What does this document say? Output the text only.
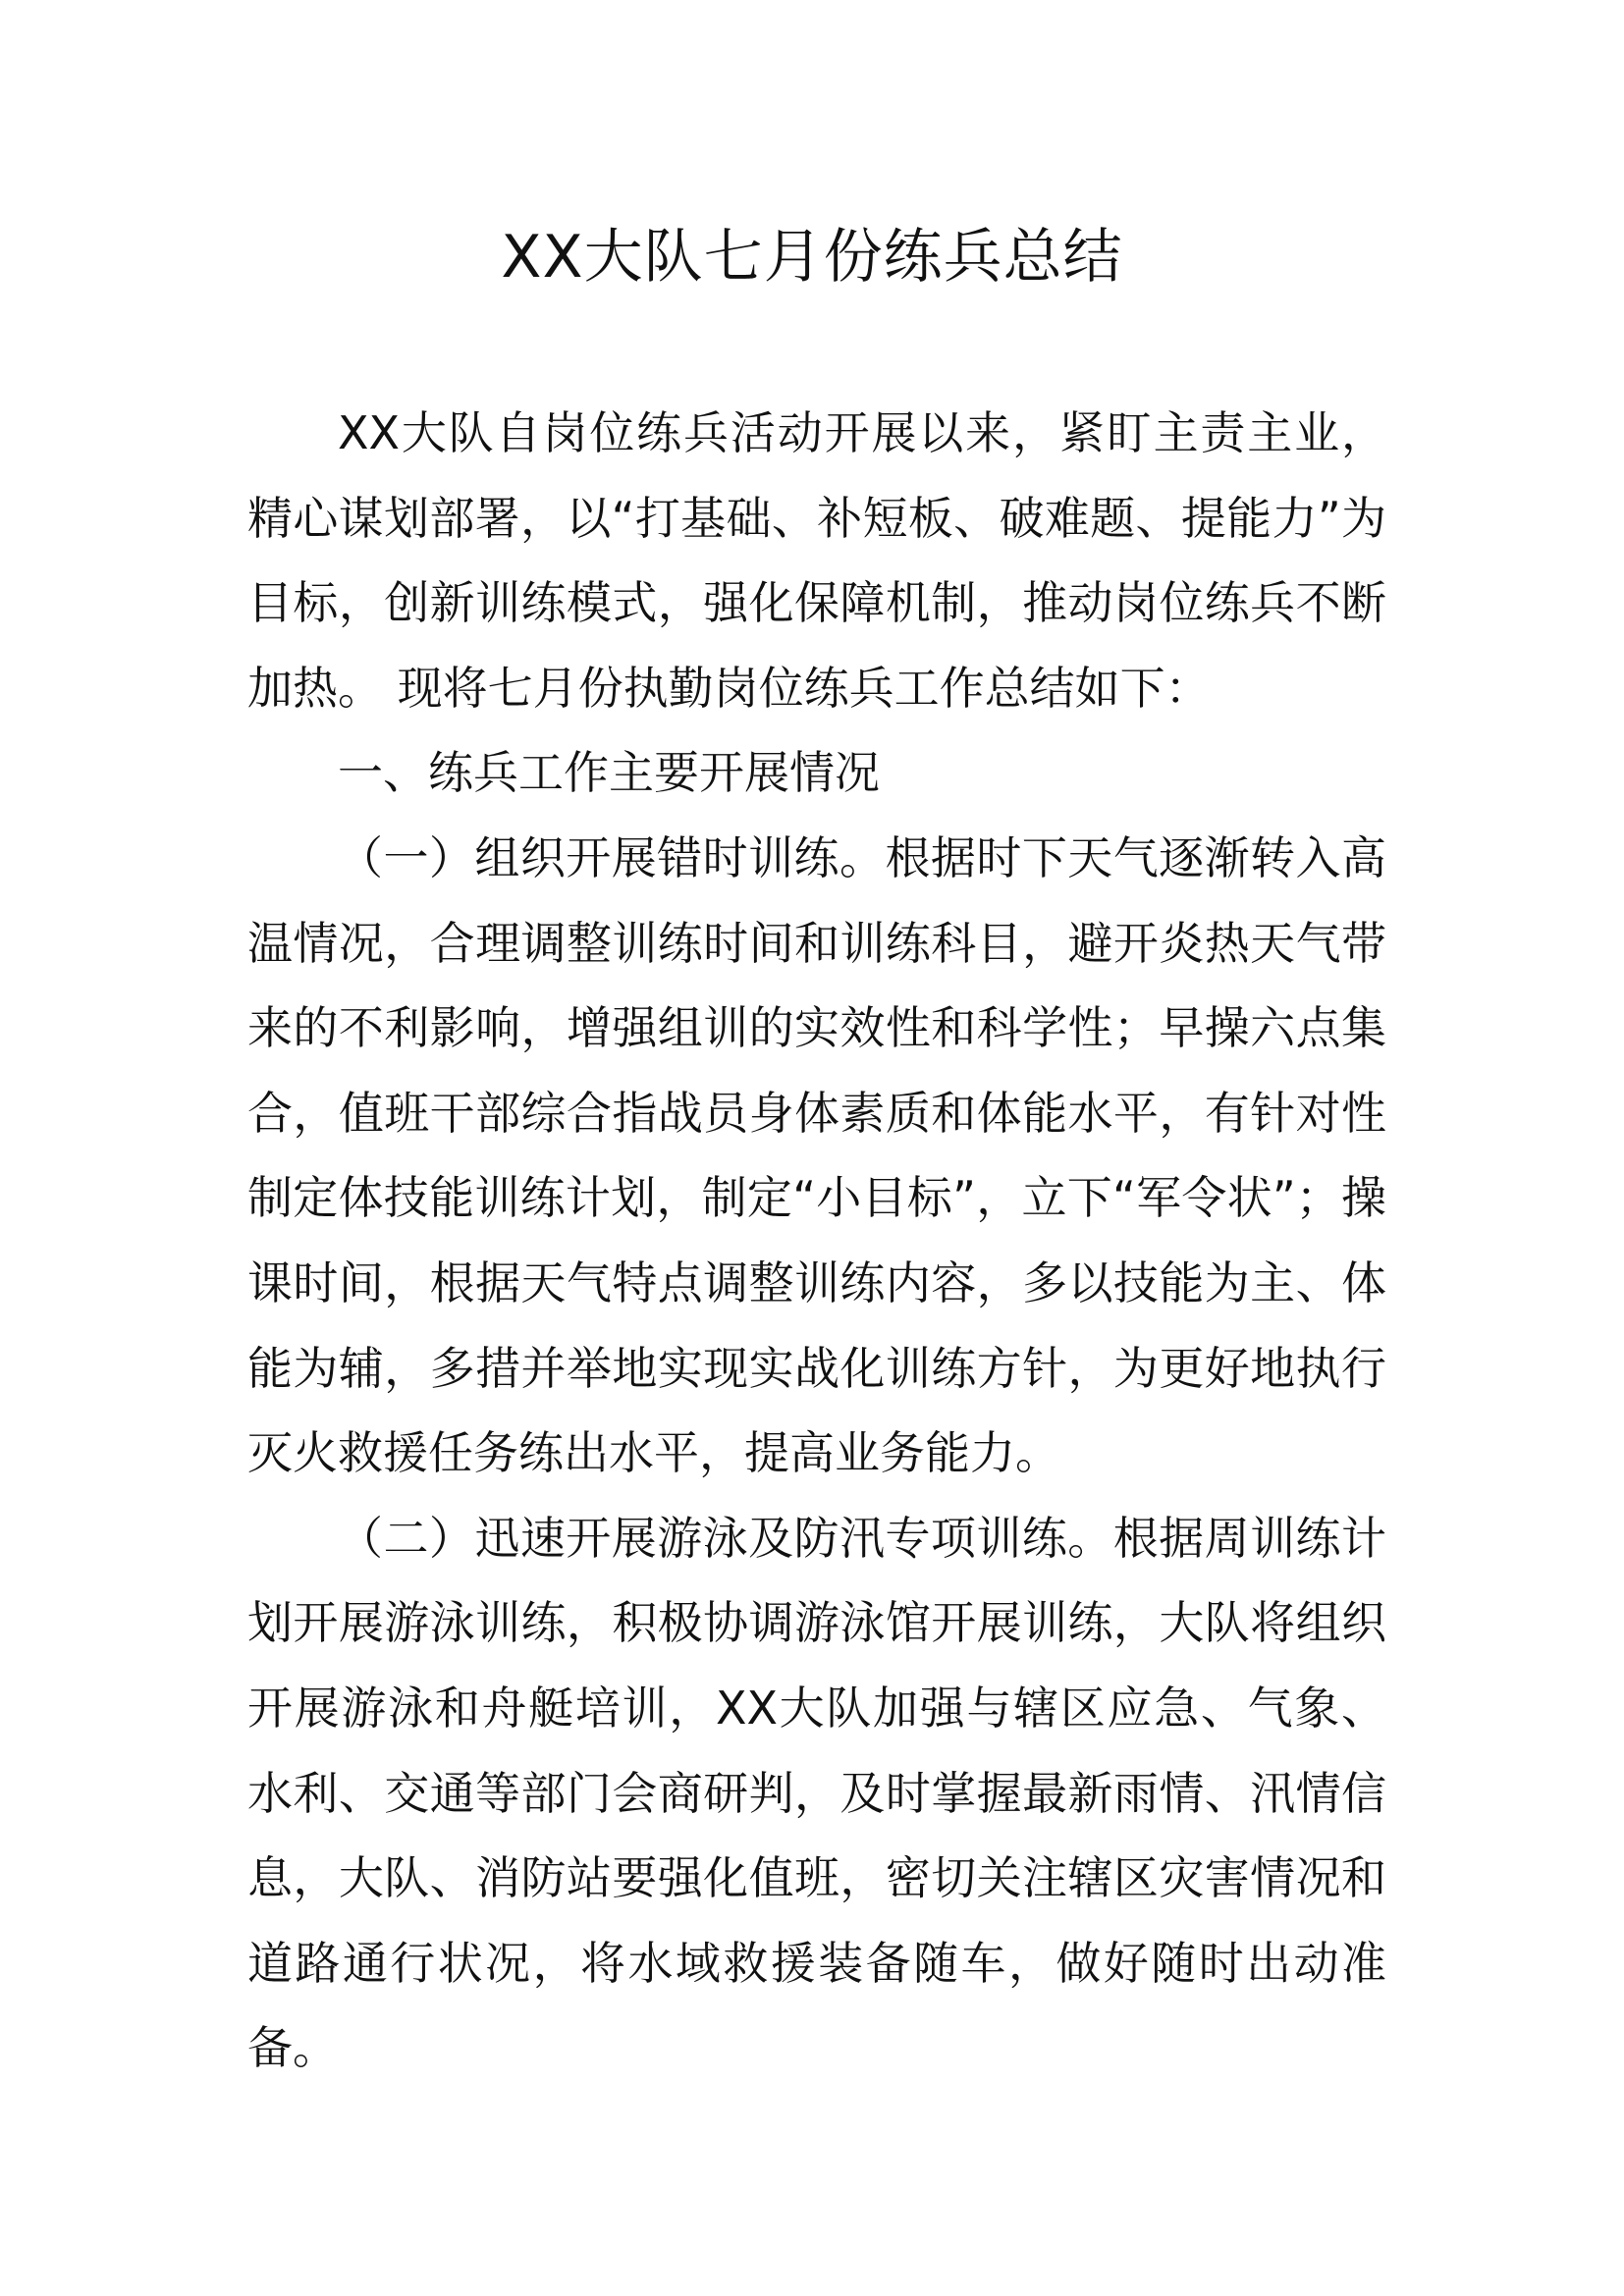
XX大队七月份练兵总结

XX大队自岗位练兵活动开展以来，紧盯主责主业，精心谋划部署，以“打基础、补短板、破难题、提能力”为目标，创新训练模式，强化保障机制，推动岗位练兵不断加热。 现将七月份执勤岗位练兵工作总结如下：

一、练兵工作主要开展情况

（一）组织开展错时训练。根据时下天气逐渐转入高温情况，合理调整训练时间和训练科目，避开炎热天气带来的不利影响，增强组训的实效性和科学性；早操六点集合，值班干部综合指战员身体素质和体能水平，有针对性制定体技能训练计划，制定“小目标”，立下“军令状”；操课时间，根据天气特点调整训练内容，多以技能为主、体能为辅，多措并举地实现实战化训练方针，为更好地执行灭火救援任务练出水平，提高业务能力。

（二）迅速开展游泳及防汛专项训练。根据周训练计划开展游泳训练，积极协调游泳馆开展训练，大队将组织开展游泳和舟艇培训，XX大队加强与辖区应急、气象、水利、交通等部门会商研判，及时掌握最新雨情、汛情信息，大队、消防站要强化值班，密切关注辖区灾害情况和道路通行状况，将水域救援装备随车，做好随时出动准备。
